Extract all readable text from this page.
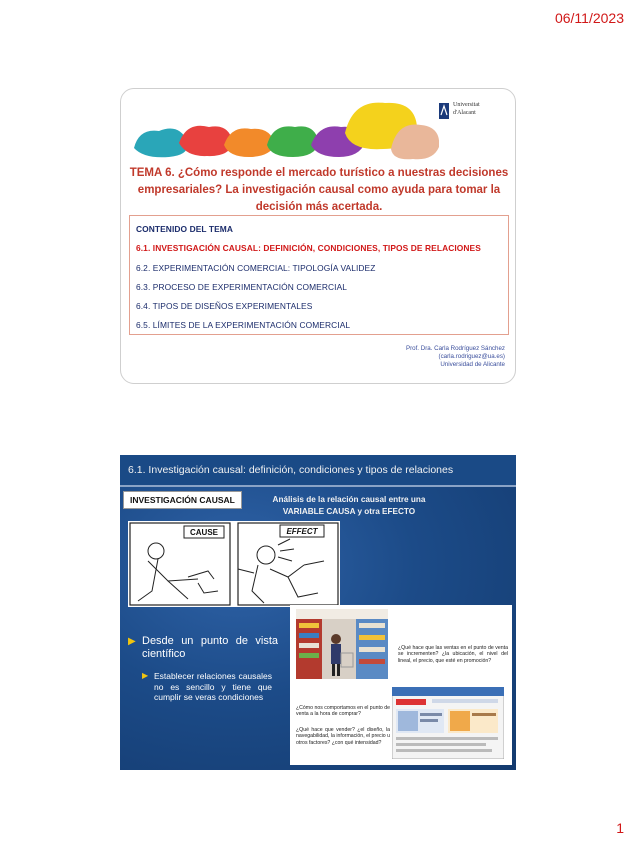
06/11/2023
Universitat
d'Alacant
TEMA 6. ¿Cómo responde el mercado turístico a nuestras decisiones
empresariales? La investigación causal como ayuda para tomar la
decisión más acertada.
CONTENIDO DEL TEMA
6.1. INVESTIGACIÓN CAUSAL: DEFINICIÓN, CONDICIONES, TIPOS DE RELACIONES
6.2. EXPERIMENTACIÓN COMERCIAL: TIPOLOGÍA VALIDEZ
6.3. PROCESO DE EXPERIMENTACIÓN COMERCIAL
6.4. TIPOS DE DISEÑOS EXPERIMENTALES
6.5. LÍMITES DE LA EXPERIMENTACIÓN COMERCIAL
Prof. Dra. Carla Rodríguez Sánchez
(carla.rodriguez@ua.es)
Universidad de Alicante
6.1. Investigación causal: definición, condiciones y tipos de relaciones
INVESTIGACIÓN CAUSAL	Análisis de la relación causal entre una
VARIABLE CAUSA y otra EFECTO
CAUSE	EFFECT
▶ Desde un punto de vista científico
▶ Establecer relaciones causales no es sencillo y tiene que cumplir se veras condiciones
¿Qué hace que las ventas en el punto de venta se incrementen? ¿la ubicación, el nivel del lineal, el precio, que esté en promoción?
¿Cómo nos comportamos en el punto de venta a la hora de comprar?
¿Qué hace que vender? ¿el diseño, la navegabilidad, la información, el precio u otros factores? ¿con qué intensidad?
1
